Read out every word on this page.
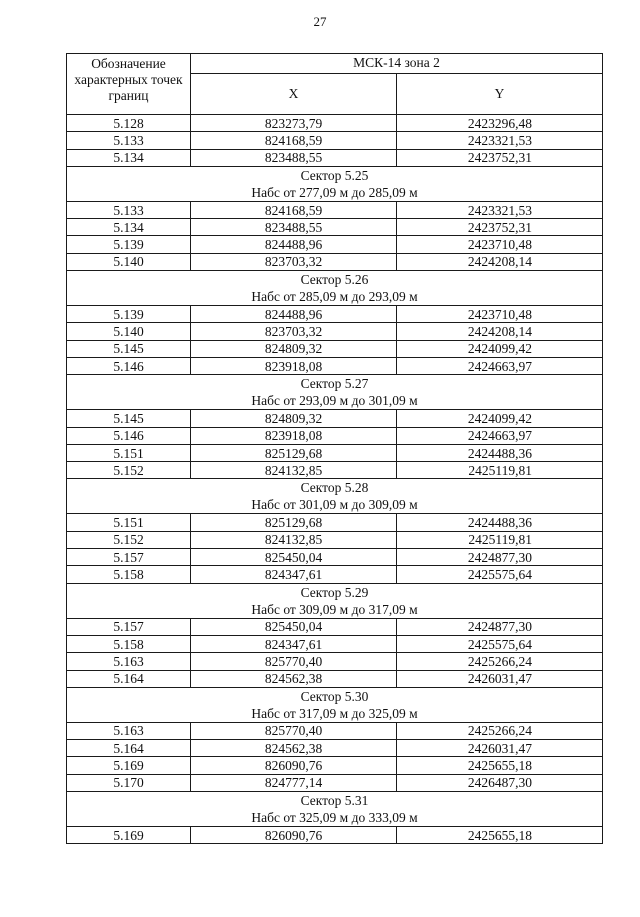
27
Обозначение характерных точек границ	МСК-14 зона 2	
	X	Y
5.128	823273,79	2423296,48
5.133	824168,59	2423321,53
5.134	823488,55	2423752,31

Сектор 5.25
Набс от 277,09 м до 285,09 м		

5.133	824168,59	2423321,53
5.134	823488,55	2423752,31
5.139	824488,96	2423710,48
5.140	823703,32	2424208,14

Сектор 5.26
Набс от 285,09 м до 293,09 м		

5.139	824488,96	2423710,48
5.140	823703,32	2424208,14
5.145	824809,32	2424099,42
5.146	823918,08	2424663,97

Сектор 5.27
Набс от 293,09 м до 301,09 м		

5.145	824809,32	2424099,42
5.146	823918,08	2424663,97
5.151	825129,68	2424488,36
5.152	824132,85	2425119,81

Сектор 5.28
Набс от 301,09 м до 309,09 м		

5.151	825129,68	2424488,36
5.152	824132,85	2425119,81
5.157	825450,04	2424877,30
5.158	824347,61	2425575,64

Сектор 5.29
Набс от 309,09 м до 317,09 м		

5.157	825450,04	2424877,30
5.158	824347,61	2425575,64
5.163	825770,40	2425266,24
5.164	824562,38	2426031,47

Сектор 5.30
Набс от 317,09 м до 325,09 м		

5.163	825770,40	2425266,24
5.164	824562,38	2426031,47
5.169	826090,76	2425655,18
5.170	824777,14	2426487,30

Сектор 5.31
Набс от 325,09 м до 333,09 м		

5.169	826090,76	2425655,18
